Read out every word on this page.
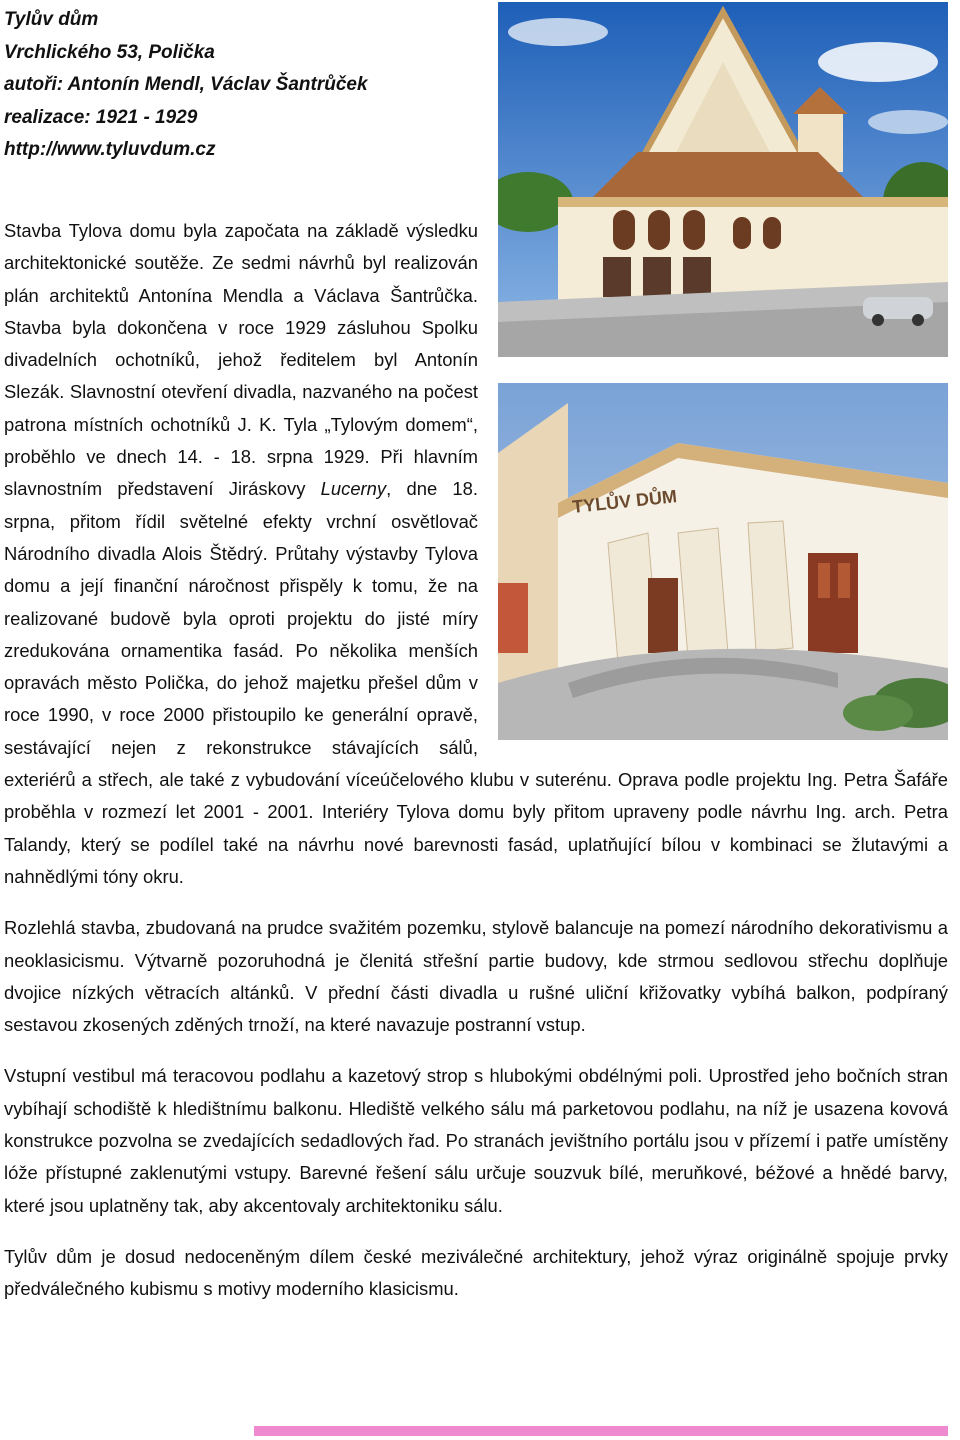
Tylův dům
Vrchlického 53, Polička
autoři: Antonín Mendl, Václav Šantrůček
realizace: 1921 - 1929
http://www.tyluvdum.cz
TYLŮV DŮM

Stavba Tylova domu byla započata na základě výsledku architektonické soutěže. Ze sedmi návrhů byl realizován plán architektů Antonína Mendla a Václava Šantrůčka. Stavba byla dokončena v roce 1929 zásluhou Spolku divadelních ochotníků, jehož ředitelem byl Antonín Slezák. Slavnostní otevření divadla, nazvaného na počest patrona místních ochotníků J. K. Tyla „Tylovým domem“, proběhlo ve dnech 14. - 18. srpna 1929. Při hlavním slavnostním představení Jiráskovy Lucerny, dne 18. srpna, přitom řídil světelné efekty vrchní osvětlovač Národního divadla Alois Štědrý. Průtahy výstavby Tylova domu a její finanční náročnost přispěly k tomu, že na realizované budově byla oproti projektu do jisté míry zredukována ornamentika fasád. Po několika menších opravách město Polička, do jehož majetku přešel dům v roce 1990, v roce 2000 přistoupilo ke generální opravě, sestávající nejen z rekonstrukce stávajících sálů, exteriérů a střech, ale také z vybudování víceúčelového klubu v suterénu. Oprava podle projektu Ing. Petra Šafáře proběhla v rozmezí let 2001 - 2001. Interiéry Tylova domu byly přitom upraveny podle návrhu Ing. arch. Petra Talandy, který se podílel také na návrhu nové barevnosti fasád, uplatňující bílou v kombinaci se žlutavými a nahnědlými tóny okru.

Rozlehlá stavba, zbudovaná na prudce svažitém pozemku, stylově balancuje na pomezí národního dekorativismu a neoklasicismu. Výtvarně pozoruhodná je členitá střešní partie budovy, kde strmou sedlovou střechu doplňuje dvojice nízkých větracích altánků. V přední části divadla u rušné uliční křižovatky vybíhá balkon, podpíraný sestavou zkosených zděných trnoží, na které navazuje postranní vstup.

Vstupní vestibul má teracovou podlahu a kazetový strop s hlubokými obdélnými poli. Uprostřed jeho bočních stran vybíhají schodiště k hledištnímu balkonu. Hlediště velkého sálu má parketovou podlahu, na níž je usazena kovová konstrukce pozvolna se zvedajících sedadlových řad. Po stranách jevištního portálu jsou v přízemí i patře umístěny lóže přístupné zaklenutými vstupy. Barevné řešení sálu určuje souzvuk bílé, meruňkové, béžové a hnědé barvy, které jsou uplatněny tak, aby akcentovaly architektoniku sálu.

Tylův dům je dosud nedoceněným dílem české meziválečné architektury, jehož výraz originálně spojuje prvky předválečného kubismu s motivy moderního klasicismu.
